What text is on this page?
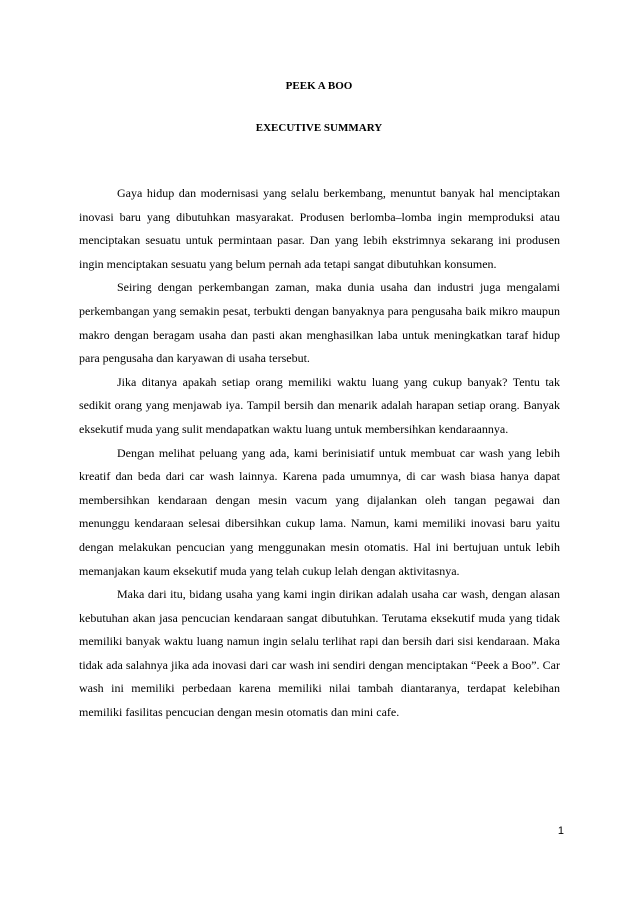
PEEK A BOO
EXECUTIVE SUMMARY

Gaya hidup dan modernisasi yang selalu berkembang, menuntut banyak hal menciptakan inovasi baru yang dibutuhkan masyarakat. Produsen berlomba–lomba ingin memproduksi atau menciptakan sesuatu untuk permintaan pasar. Dan yang lebih ekstrimnya sekarang ini produsen ingin menciptakan sesuatu yang belum pernah ada tetapi sangat dibutuhkan konsumen.

Seiring dengan perkembangan zaman, maka dunia usaha dan industri juga mengalami perkembangan yang semakin pesat, terbukti dengan banyaknya para pengusaha baik mikro maupun makro dengan beragam usaha dan pasti akan menghasilkan laba untuk meningkatkan taraf hidup para pengusaha dan karyawan di usaha tersebut.

Jika ditanya apakah setiap orang memiliki waktu luang yang cukup banyak? Tentu tak sedikit orang yang menjawab iya. Tampil bersih dan menarik adalah harapan setiap orang. Banyak eksekutif muda yang sulit mendapatkan waktu luang untuk membersihkan kendaraannya.

Dengan melihat peluang yang ada, kami berinisiatif untuk membuat car wash yang lebih kreatif dan beda dari car wash lainnya. Karena pada umumnya, di car wash biasa hanya dapat membersihkan kendaraan dengan mesin vacum yang dijalankan oleh tangan pegawai dan menunggu kendaraan selesai dibersihkan cukup lama. Namun, kami memiliki inovasi baru yaitu dengan melakukan pencucian yang menggunakan mesin otomatis. Hal ini bertujuan untuk lebih memanjakan kaum eksekutif muda yang telah cukup lelah dengan aktivitasnya.

Maka dari itu, bidang usaha yang kami ingin dirikan adalah usaha car wash, dengan alasan kebutuhan akan jasa pencucian kendaraan sangat dibutuhkan. Terutama eksekutif muda yang tidak memiliki banyak waktu luang namun ingin selalu terlihat rapi dan bersih dari sisi kendaraan. Maka tidak ada salahnya jika ada inovasi dari car wash ini sendiri dengan menciptakan “Peek a Boo”. Car wash ini memiliki perbedaan karena memiliki nilai tambah diantaranya, terdapat kelebihan memiliki fasilitas pencucian dengan mesin otomatis dan mini cafe.

1
